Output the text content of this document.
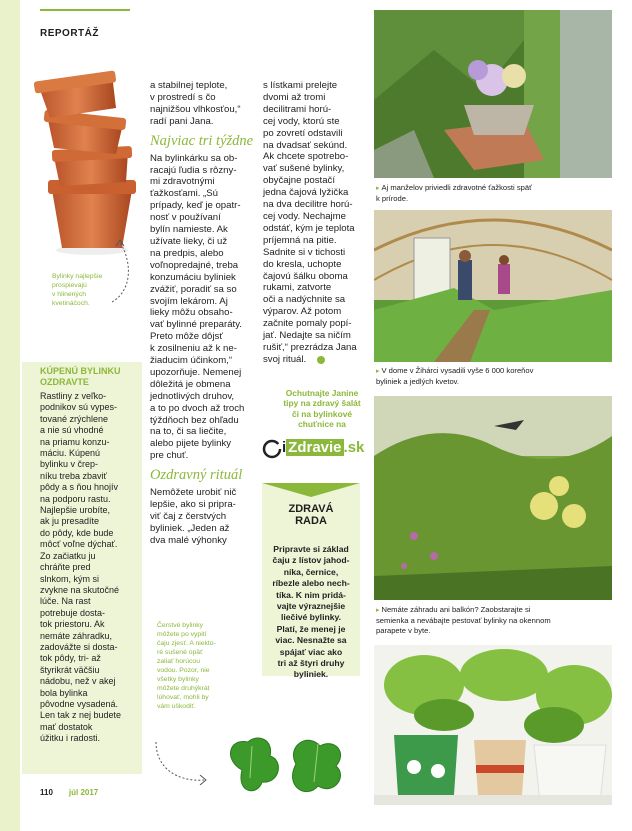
REPORTÁŽ
Bylinky najlepšie
prospievajú
v hlinených
kvetináčoch.
a stabilnej teplote,
v prostredí s čo
najnižšou vlhkosťou,“
radí pani Jana.
Najviac tri týždne
Na bylinkárku sa ob-
racajú ľudia s rôzny-
mi zdravotnými
ťažkosťami. „Sú
prípady, keď je opatr-
nosť v používaní
bylín namieste. Ak
užívate lieky, či už
na predpis, alebo
voľnopredajné, treba
konzumáciu byliniek
zvážiť, poradiť sa so
svojím lekárom. Aj
lieky môžu obsaho-
vať bylinné preparáty.
Preto môže dôjsť
k zosilneniu až k ne-
žiaducim účinkom,“
upozorňuje. Nemenej
dôležitá je obmena
jednotlivých druhov,
a to po dvoch až troch
týždňoch bez ohľadu
na to, či sa liečite,
alebo pijete bylinky
pre chuť.
Ozdravný rituál
Nemôžete urobiť nič
lepšie, ako si pripra-
viť čaj z čerstvých
byliniek. „Jeden až
dva malé výhonky
s lístkami prelejte
dvomi až tromi
decilitrami horú-
cej vody, ktorú ste
po zovretí odstavili
na dvadsať sekúnd.
Ak chcete spotrebo-
vať sušené bylinky,
obyčajne postačí
jedna čajová lyžička
na dva decilitre horú-
cej vody. Nechajme
odstáť, kým je teplota
príjemná na pitie.
Sadnite si v tichosti
do kresla, uchopte
čajovú šálku oboma
rukami, zatvorte
oči a nadýchnite sa
výparov. Až potom
začnite pomaly popí-
jať. Nedajte sa ničím
rušiť,“ prezrádza Jana
svoj rituál.
KÚPENÚ BYLINKU
OZDRAVTE
Rastliny z veľko-
podnikov sú vypes-
tované zrýchlene
a nie sú vhodné
na priamu konzu-
máciu. Kúpenú
bylinku v črep-
níku treba zbaviť
pôdy a s ňou hnojív
na podporu rastu.
Najlepšie urobíte,
ak ju presadíte
do pôdy, kde bude
môcť voľne dýchať.
Zo začiatku ju
chráňte pred
slnkom, kým si
zvykne na skutočné
lúče. Na rast
potrebuje dosta-
tok priestoru. Ak
nemáte záhradku,
zadovážte si dosta-
tok pôdy, tri- až
štyrikrát väčšiu
nádobu, než v akej
bola bylinka
pôvodne vysadená.
Len tak z nej budete
mať dostatok
úžitku i radosti.
Ochutnajte Janine
tipy na zdravý šalát
či na bylinkové
chuťnice na
i Zdravie .sk
ZDRAVÁ
RADA
Pripravte si základ
čaju z lístov jahod-
níka, černice,
ríbezle alebo nech-
tíka. K nim pridá-
vajte výraznejšie
liečivé bylinky.
Platí, že menej je
viac. Nesnažte sa
spájať viac ako
tri až štyri druhy
byliniek.
Čerstvé bylinky
môžete po vypití
čaju zjesť. A niekto-
ré sušené opäť
zaliať horúcou
vodou. Pozor, nie
všetky bylinky
môžete druhýkrát
lúhovať, mohli by
vám uškodiť.
▸ Aj manželov priviedli zdravotné ťažkosti späť
k prírode.
▸ V dome v Žihárci vysadili vyše 6 000 koreňov
byliniek a jedlých kvetov.
▸ Nemáte záhradu ani balkón? Zaobstarajte si
semienka a nevábajte pestovať bylinky na okennom
parapete v byte.
110 júl 2017
